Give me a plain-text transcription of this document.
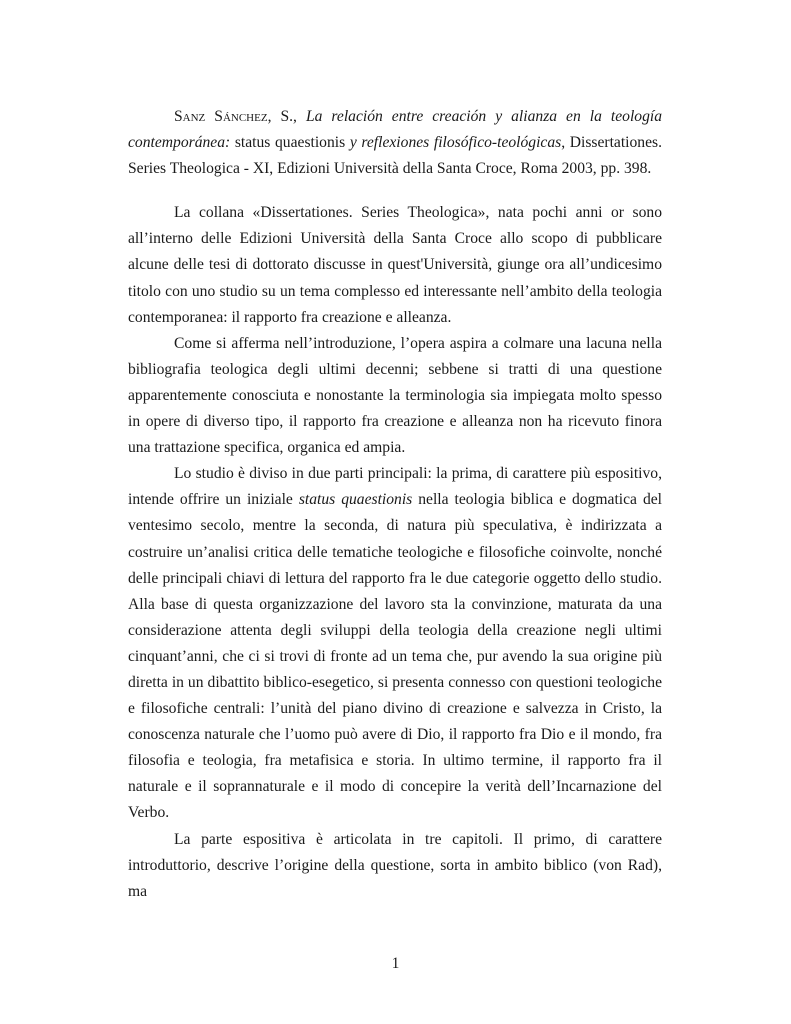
Sanz Sánchez, S., La relación entre creación y alianza en la teología contemporánea: status quaestionis y reflexiones filosófico-teológicas, Dissertationes. Series Theologica - XI, Edizioni Università della Santa Croce, Roma 2003, pp. 398.

La collana «Dissertationes. Series Theologica», nata pochi anni or sono all’interno delle Edizioni Università della Santa Croce allo scopo di pubblicare alcune delle tesi di dottorato discusse in quest'Università, giunge ora all’undicesimo titolo con uno studio su un tema complesso ed interessante nell’ambito della teologia contemporanea: il rapporto fra creazione e alleanza.

Come si afferma nell’introduzione, l’opera aspira a colmare una lacuna nella bibliografia teologica degli ultimi decenni; sebbene si tratti di una questione apparentemente conosciuta e nonostante la terminologia sia impiegata molto spesso in opere di diverso tipo, il rapporto fra creazione e alleanza non ha ricevuto finora una trattazione specifica, organica ed ampia.

Lo studio è diviso in due parti principali: la prima, di carattere più espositivo, intende offrire un iniziale status quaestionis nella teologia biblica e dogmatica del ventesimo secolo, mentre la seconda, di natura più speculativa, è indirizzata a costruire un’analisi critica delle tematiche teologiche e filosofiche coinvolte, nonché delle principali chiavi di lettura del rapporto fra le due categorie oggetto dello studio. Alla base di questa organizzazione del lavoro sta la convinzione, maturata da una considerazione attenta degli sviluppi della teologia della creazione negli ultimi cinquant’anni, che ci si trovi di fronte ad un tema che, pur avendo la sua origine più diretta in un dibattito biblico-esegetico, si presenta connesso con questioni teologiche e filosofiche centrali: l’unità del piano divino di creazione e salvezza in Cristo, la conoscenza naturale che l’uomo può avere di Dio, il rapporto fra Dio e il mondo, fra filosofia e teologia, fra metafisica e storia. In ultimo termine, il rapporto fra il naturale e il soprannaturale e il modo di concepire la verità dell’Incarnazione del Verbo.

La parte espositiva è articolata in tre capitoli. Il primo, di carattere introduttorio, descrive l’origine della questione, sorta in ambito biblico (von Rad), ma

1
